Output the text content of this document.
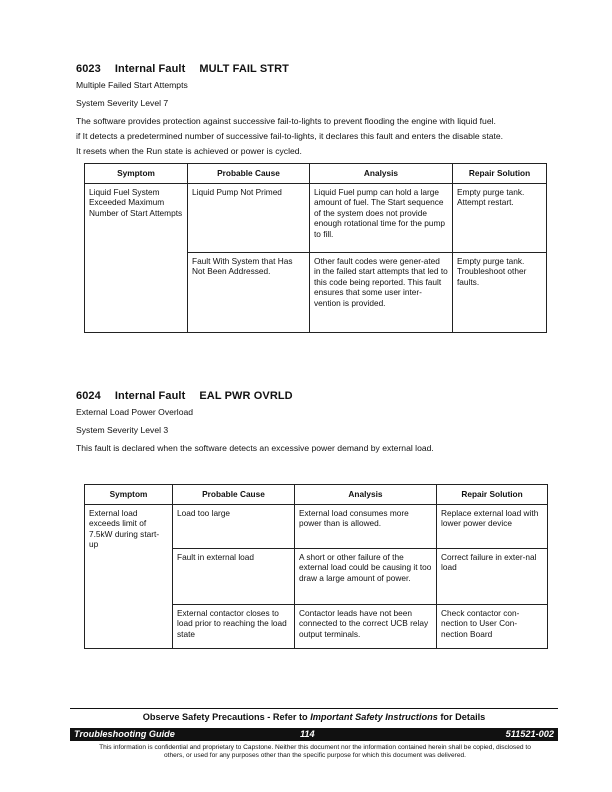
6023 Internal Fault MULT FAIL STRT
Multiple Failed Start Attempts
System Severity Level 7
The software provides protection against successive fail-to-lights to prevent flooding the engine with liquid fuel.
if It detects a predetermined number of successive fail-to-lights, it declares this fault and enters the disable state.
It resets when the Run state is achieved or power is cycled.
Symptom	Probable Cause	Analysis	Repair Solution
Liquid Fuel System Exceeded Maximum Number of Start Attempts	Liquid Pump Not Primed	Liquid Fuel pump can hold a large amount of fuel. The Start sequence of the system does not provide enough rotational time for the pump to fill.	Empty purge tank. Attempt restart.
	Fault With System that Has Not Been Addressed.	Other fault codes were gener-ated in the failed start attempts that led to this code being reported. This fault ensures that some user inter-vention is provided.	Empty purge tank. Troubleshoot other faults.
6024 Internal Fault EAL PWR OVRLD
External Load Power Overload
System Severity Level 3
This fault is declared when the software detects an excessive power demand by external load.
Symptom	Probable Cause	Analysis	Repair Solution
External load exceeds limit of 7.5kW during start-up	Load too large	External load consumes more power than is allowed.	Replace external load with lower power device
	Fault in external load	A short or other failure of the external load could be causing it too draw a large amount of power.	Correct failure in exter-nal load
	External contactor closes to load prior to reaching the load state	Contactor leads have not been connected to the correct UCB relay output terminals.	Check contactor con-nection to User Con-nection Board
Observe Safety Precautions - Refer to Important Safety Instructions for Details
Troubleshooting Guide	114	511521-002
This information is confidential and proprietary to Capstone. Neither this document nor the information contained herein shall be copied, disclosed to others, or used for any purposes other than the specific purpose for which this document was delivered.
